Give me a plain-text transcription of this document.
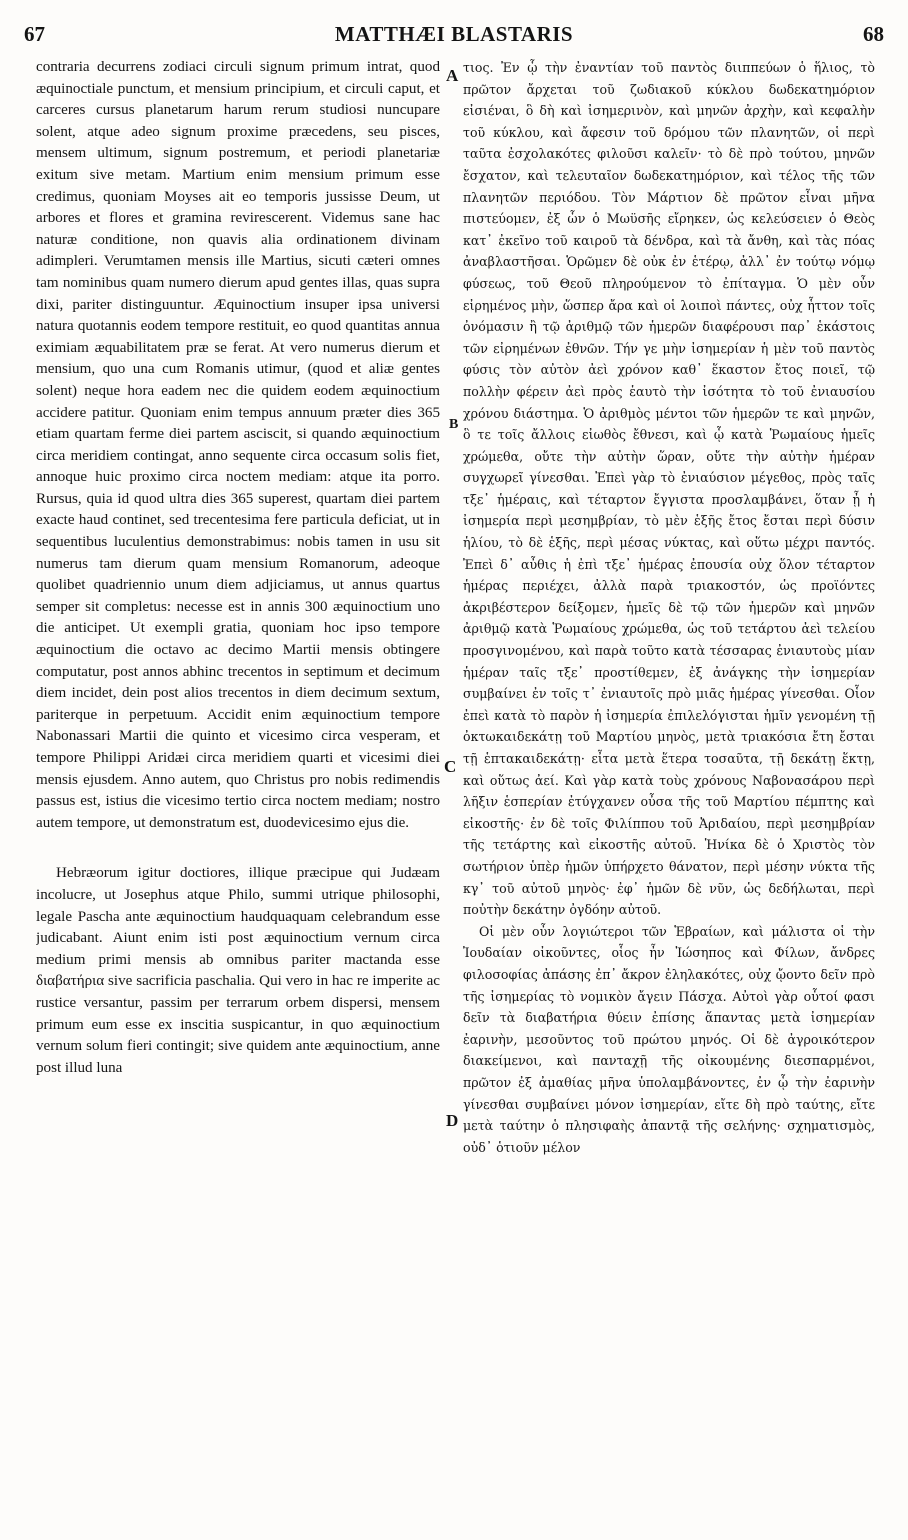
67	MATTHÆI BLASTARIS	68
A
B
C
D

contraria decurrens zodiaci circuli signum primum intrat, quod æquinoctiale punctum, et mensium principium, et circuli caput, et carceres cursus planetarum harum rerum studiosi nuncupare solent, atque adeo signum proxime præcedens, seu pisces, mensem ultimum, signum postremum, et periodi planetariæ exitum sive metam. Martium enim mensium primum esse credimus, quoniam Moyses ait eo temporis jussisse Deum, ut arbores et flores et gramina revirescerent. Videmus sane hac naturæ conditione, non quavis alia ordinationem divinam adimpleri. Verumtamen mensis ille Martius, sicuti cæteri omnes tam nominibus quam numero dierum apud gentes illas, quas supra dixi, pariter distinguuntur. Æquinoctium insuper ipsa universi natura quotannis eodem tempore restituit, eo quod quantitas annua eximiam æquabilitatem præ se ferat. At vero numerus dierum et mensium, quo una cum Romanis utimur, (quod et aliæ gentes solent) neque hora eadem nec die quidem eodem æquinoctium accidere patitur. Quoniam enim tempus annuum præter dies 365 etiam quartam ferme diei partem asciscit, si quando æquinoctium circa meridiem contingat, anno sequente circa occasum solis fiet, annoque huic proximo circa noctem mediam: atque ita porro. Rursus, quia id quod ultra dies 365 superest, quartam diei partem exacte haud continet, sed trecentesima fere particula deficiat, ut in sequentibus luculentius demonstrabimus: nobis tamen in usu sit numerus tam dierum quam mensium Romanorum, adeoque quolibet quadriennio unum diem adjiciamus, ut annus quartus semper sit completus: necesse est in annis 300 æquinoctium uno die anticipet. Ut exempli gratia, quoniam hoc ipso tempore æquinoctium die octavo ac decimo Martii mensis obtingere computatur, post annos abhinc trecentos in septimum et decimum diem incidet, dein post alios trecentos in diem decimum sextum, pariterque in perpetuum. Accidit enim æquinoctium tempore Nabonassari Martii die quinto et vicesimo circa vesperam, et tempore Philippi Aridæi circa meridiem quarti et vicesimi diei mensis ejusdem. Anno autem, quo Christus pro nobis redimendis passus est, istius die vicesimo tertio circa noctem mediam; nostro autem tempore, ut demonstratum est, duodevicesimo ejus die.

Hebræorum igitur doctiores, illique præcipue qui Judæam incolucre, ut Josephus atque Philo, summi utrique philosophi, legale Pascha ante æquinoctium haudquaquam celebrandum esse judicabant. Aiunt enim isti post æquinoctium vernum circa medium primi mensis ab omnibus pariter mactanda esse διαβατήρια sive sacrificia paschalia. Qui vero in hac re imperite ac rustice versantur, passim per terrarum orbem dispersi, mensem primum eum esse ex inscitia suspicantur, in quo æquinoctium vernum solum fieri contingit; sive quidem ante æquinoctium, anne post illud luna

τιος. Ἐν ᾧ τὴν ἐναντίαν τοῦ παντὸς διιππεύων ὁ ἥλιος, τὸ πρῶτον ἄρχεται τοῦ ζωδιακοῦ κύκλου δωδεκατημόριον εἰσιέναι, ὃ δὴ καὶ ἰσημερινὸν, καὶ μηνῶν ἀρχὴν, καὶ κεφαλὴν τοῦ κύκλου, καὶ ἄφεσιν τοῦ δρόμου τῶν πλανητῶν, οἱ περὶ ταῦτα ἐσχολακότες φιλοῦσι καλεῖν· τὸ δὲ πρὸ τούτου, μηνῶν ἔσχατον, καὶ τελευταῖον δωδεκατημόριον, καὶ τέλος τῆς τῶν πλανητῶν περιόδου. Τὸν Μάρτιον δὲ πρῶτον εἶναι μῆνα πιστεύομεν, ἐξ ὧν ὁ Μωϋσῆς εἴρηκεν, ὡς κελεύσειεν ὁ Θεὸς κατ᾽ ἐκεῖνο τοῦ καιροῦ τὰ δένδρα, καὶ τὰ ἄνθη, καὶ τὰς πόας ἀναβλαστῆσαι. Ὁρῶμεν δὲ οὐκ ἐν ἑτέρῳ, ἀλλ᾽ ἐν τούτῳ νόμῳ φύσεως, τοῦ Θεοῦ πληρούμενον τὸ ἐπίταγμα. Ὁ μὲν οὖν εἰρημένος μὴν, ὥσπερ ἄρα καὶ οἱ λοιποὶ πάντες, οὐχ ἧττον τοῖς ὀνόμασιν ἢ τῷ ἀριθμῷ τῶν ἡμερῶν διαφέρουσι παρ᾽ ἑκάστοις τῶν εἰρημένων ἐθνῶν. Τήν γε μὴν ἰσημερίαν ἡ μὲν τοῦ παντὸς φύσις τὸν αὐτὸν ἀεὶ χρόνον καθ᾽ ἕκαστον ἔτος ποιεῖ, τῷ πολλὴν φέρειν ἀεὶ πρὸς ἑαυτὸ τὴν ἰσότητα τὸ τοῦ ἐνιαυσίου χρόνου διάστημα. Ὁ ἀριθμὸς μέντοι τῶν ἡμερῶν τε καὶ μηνῶν, ὃ τε τοῖς ἄλλοις εἰωθὸς ἔθνεσι, καὶ ᾧ κατὰ Ῥωμαίους ἡμεῖς χρώμεθα, οὔτε τὴν αὐτὴν ὥραν, οὔτε τὴν αὐτὴν ἡμέραν συγχωρεῖ γίνεσθαι. Ἐπεὶ γὰρ τὸ ἐνιαύσιον μέγεθος, πρὸς ταῖς τξε᾽ ἡμέραις, καὶ τέταρτον ἔγγιστα προσλαμβάνει, ὅταν ᾖ ἡ ἰσημερία περὶ μεσημβρίαν, τὸ μὲν ἑξῆς ἔτος ἔσται περὶ δύσιν ἡλίου, τὸ δὲ ἑξῆς, περὶ μέσας νύκτας, καὶ οὕτω μέχρι παντός. Ἐπεὶ δ᾽ αὖθις ἡ ἐπὶ τξε᾽ ἡμέρας ἐπουσία οὐχ ὅλον τέταρτον ἡμέρας περιέχει, ἀλλὰ παρὰ τριακοστόν, ὡς προϊόντες ἀκριβέστερον δείξομεν, ἡμεῖς δὲ τῷ τῶν ἡμερῶν καὶ μηνῶν ἀριθμῷ κατὰ Ῥωμαίους χρώμεθα, ὡς τοῦ τετάρτου ἀεὶ τελείου προσγινομένου, καὶ παρὰ τοῦτο κατὰ τέσσαρας ἐνιαυτοὺς μίαν ἡμέραν ταῖς τξε᾽ προστίθεμεν, ἐξ ἀνάγκης τὴν ἰσημερίαν συμβαίνει ἐν τοῖς τ᾽ ἐνιαυτοῖς πρὸ μιᾶς ἡμέρας γίνεσθαι. Οἷον ἐπεὶ κατὰ τὸ παρὸν ἡ ἰσημερία ἐπιλελόγισται ἡμῖν γενομένη τῇ ὀκτωκαιδεκάτῃ τοῦ Μαρτίου μηνὸς, μετὰ τριακόσια ἔτη ἔσται τῇ ἑπτακαιδεκάτῃ· εἶτα μετὰ ἕτερα τοσαῦτα, τῇ δεκάτῃ ἕκτῃ, καὶ οὕτως ἀεί. Καὶ γὰρ κατὰ τοὺς χρόνους Ναβονασάρου περὶ λῆξιν ἑσπερίαν ἐτύγχανεν οὖσα τῆς τοῦ Μαρτίου πέμπτης καὶ εἰκοστῆς· ἐν δὲ τοῖς Φιλίππου τοῦ Ἀριδαίου, περὶ μεσημβρίαν τῆς τετάρτης καὶ εἰκοστῆς αὐτοῦ. Ἡνίκα δὲ ὁ Χριστὸς τὸν σωτήριον ὑπὲρ ἡμῶν ὑπήρχετο θάνατον, περὶ μέσην νύκτα τῆς κγ᾽ τοῦ αὐτοῦ μηνὸς· ἐφ᾽ ἡμῶν δὲ νῦν, ὡς δεδήλωται, περὶ ποὐτὴν δεκάτην ὀγδόην αὐτοῦ.

Οἱ μὲν οὖν λογιώτεροι τῶν Ἑβραίων, καὶ μάλιστα οἱ τὴν Ἰουδαίαν οἰκοῦντες, οἷος ἦν Ἰώσηπος καὶ Φίλων, ἄνδρες φιλοσοφίας ἀπάσης ἐπ᾽ ἄκρον ἐληλακότες, οὐχ ᾤοντο δεῖν πρὸ τῆς ἰσημερίας τὸ νομικὸν ἄγειν Πάσχα. Αὐτοὶ γὰρ οὗτοί φασι δεῖν τὰ διαβατήρια θύειν ἐπίσης ἅπαντας μετὰ ἰσημερίαν ἐαρινὴν, μεσοῦντος τοῦ πρώτου μηνός. Οἱ δὲ ἀγροικότερον διακείμενοι, καὶ πανταχῇ τῆς οἰκουμένης διεσπαρμένοι, πρῶτον ἐξ ἀμαθίας μῆνα ὑπολαμβάνοντες, ἐν ᾧ τὴν ἐαρινὴν γίνεσθαι συμβαίνει μόνον ἰσημερίαν, εἴτε δὴ πρὸ ταύτης, εἴτε μετὰ ταύτην ὁ πλησιφαὴς ἀπαντᾷ τῆς σελήνης· σχηματισμὸς, οὐδ᾽ ὁτιοῦν μέλον
